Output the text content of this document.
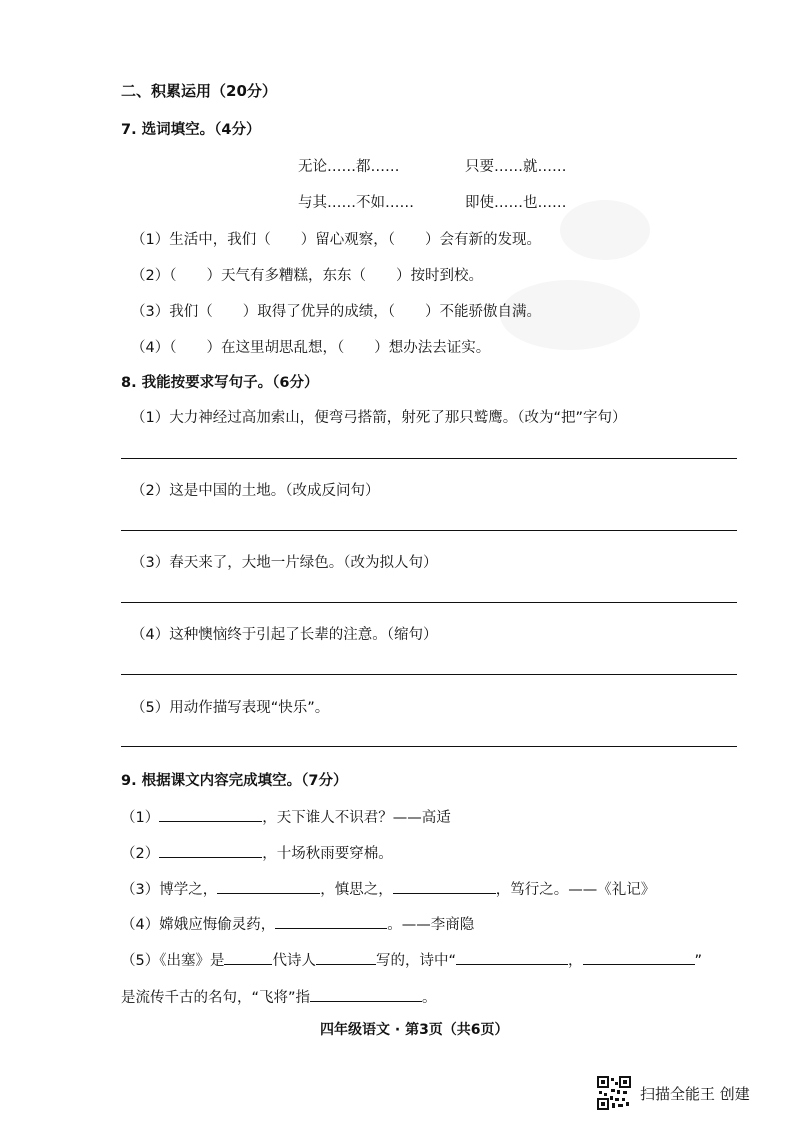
二、积累运用（20分）
7. 选词填空。（4分）
无论……都……	只要……就……
与其……不如……	即使……也……
（1）生活中，我们（ ）留心观察，（ ）会有新的发现。
（2）（ ）天气有多糟糕，东东（ ）按时到校。
（3）我们（ ）取得了优异的成绩，（ ）不能骄傲自满。
（4）（ ）在这里胡思乱想，（ ）想办法去证实。
8. 我能按要求写句子。（6分）
（1）大力神经过高加索山，便弯弓搭箭，射死了那只鹫鹰。（改为“把”字句）
（2）这是中国的土地。（改成反问句）
（3）春天来了，大地一片绿色。（改为拟人句）
（4）这种懊恼终于引起了长辈的注意。（缩句）
（5）用动作描写表现“快乐”。
9. 根据课文内容完成填空。（7分）
（1）	，天下谁人不识君？——高适
（2）	，十场秋雨要穿棉。
（3）博学之，	，慎思之，	，笃行之。——《礼记》
（4）嫦娥应悔偷灵药，	。——李商隐
（5）《出塞》是	代诗人	写的，诗中“	，	”
是流传千古的名句，“飞将”指	。
四年级语文 · 第3页（共6页）
扫描全能王 创建
